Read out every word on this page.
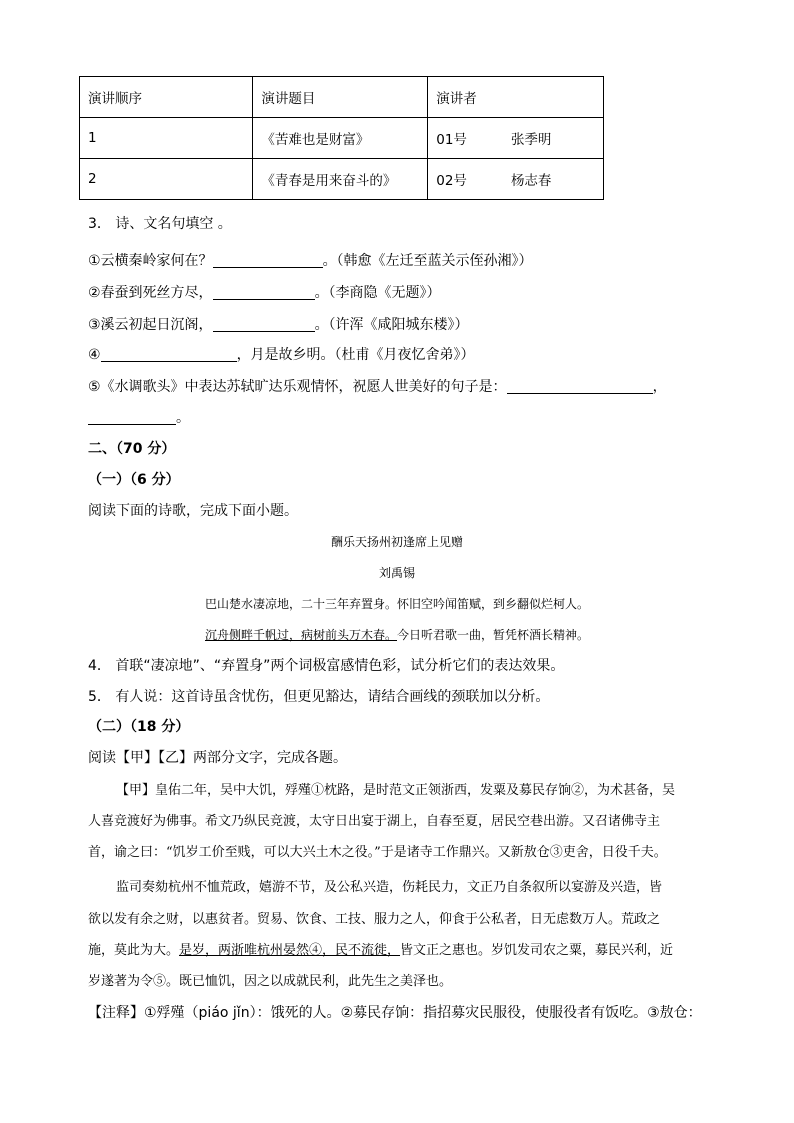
演讲顺序	演讲题目	演讲者
1	《苦难也是财富》	01号 张季明
2	《青春是用来奋斗的》	02号 杨志春
3． 诗、文名句填空 。
①云横秦岭家何在？	。（韩愈《左迁至蓝关示侄孙湘》）
②春蚕到死丝方尽，	。（李商隐《无题》）
③溪云初起日沉阁，	。（许浑《咸阳城东楼》）
④	，月是故乡明。（杜甫《月夜忆舍弟》）
⑤《水调歌头》中表达苏轼旷达乐观情怀，祝愿人世美好的句子是：	，
。
二、（70 分）
（一）（6 分）
阅读下面的诗歌，完成下面小题。
酬乐天扬州初逢席上见赠
刘禹锡
巴山楚水凄凉地，二十三年弃置身。怀旧空吟闻笛赋，到乡翻似烂柯人。
沉舟侧畔千帆过，病树前头万木春。今日听君歌一曲，暂凭杯酒长精神。
4． 首联“凄凉地”、“弃置身”两个词极富感情色彩，试分析它们的表达效果。
5． 有人说：这首诗虽含忧伤，但更见豁达，请结合画线的颈联加以分析。
（二）（18 分）
阅读【甲】【乙】两部分文字，完成各题。
【甲】皇佑二年，吴中大饥，殍殣①枕路，是时范文正领浙西，发粟及募民存饷②，为术甚备，吴
人喜竞渡好为佛事。希文乃纵民竞渡，太守日出宴于湖上，自春至夏，居民空巷出游。又召诸佛寺主
首，谕之曰：“饥岁工价至贱，可以大兴土木之役。”于是诸寺工作鼎兴。又新敖仓③吏舍，日役千夫。
监司奏劾杭州不恤荒政，嬉游不节，及公私兴造，伤耗民力，文正乃自条叙所以宴游及兴造，皆
欲以发有余之财，以惠贫者。贸易、饮食、工技、服力之人，仰食于公私者，日无虑数万人。荒政之
施，莫此为大。是岁，两浙唯杭州晏然④，民不流徙，皆文正之惠也。岁饥发司农之粟，募民兴利，近
岁遂著为令⑤。既已恤饥，因之以成就民利，此先生之美泽也。
【注释】①殍殣（piáo jǐn）：饿死的人。②募民存饷：指招募灾民服役，使服役者有饭吃。③敖仓：
